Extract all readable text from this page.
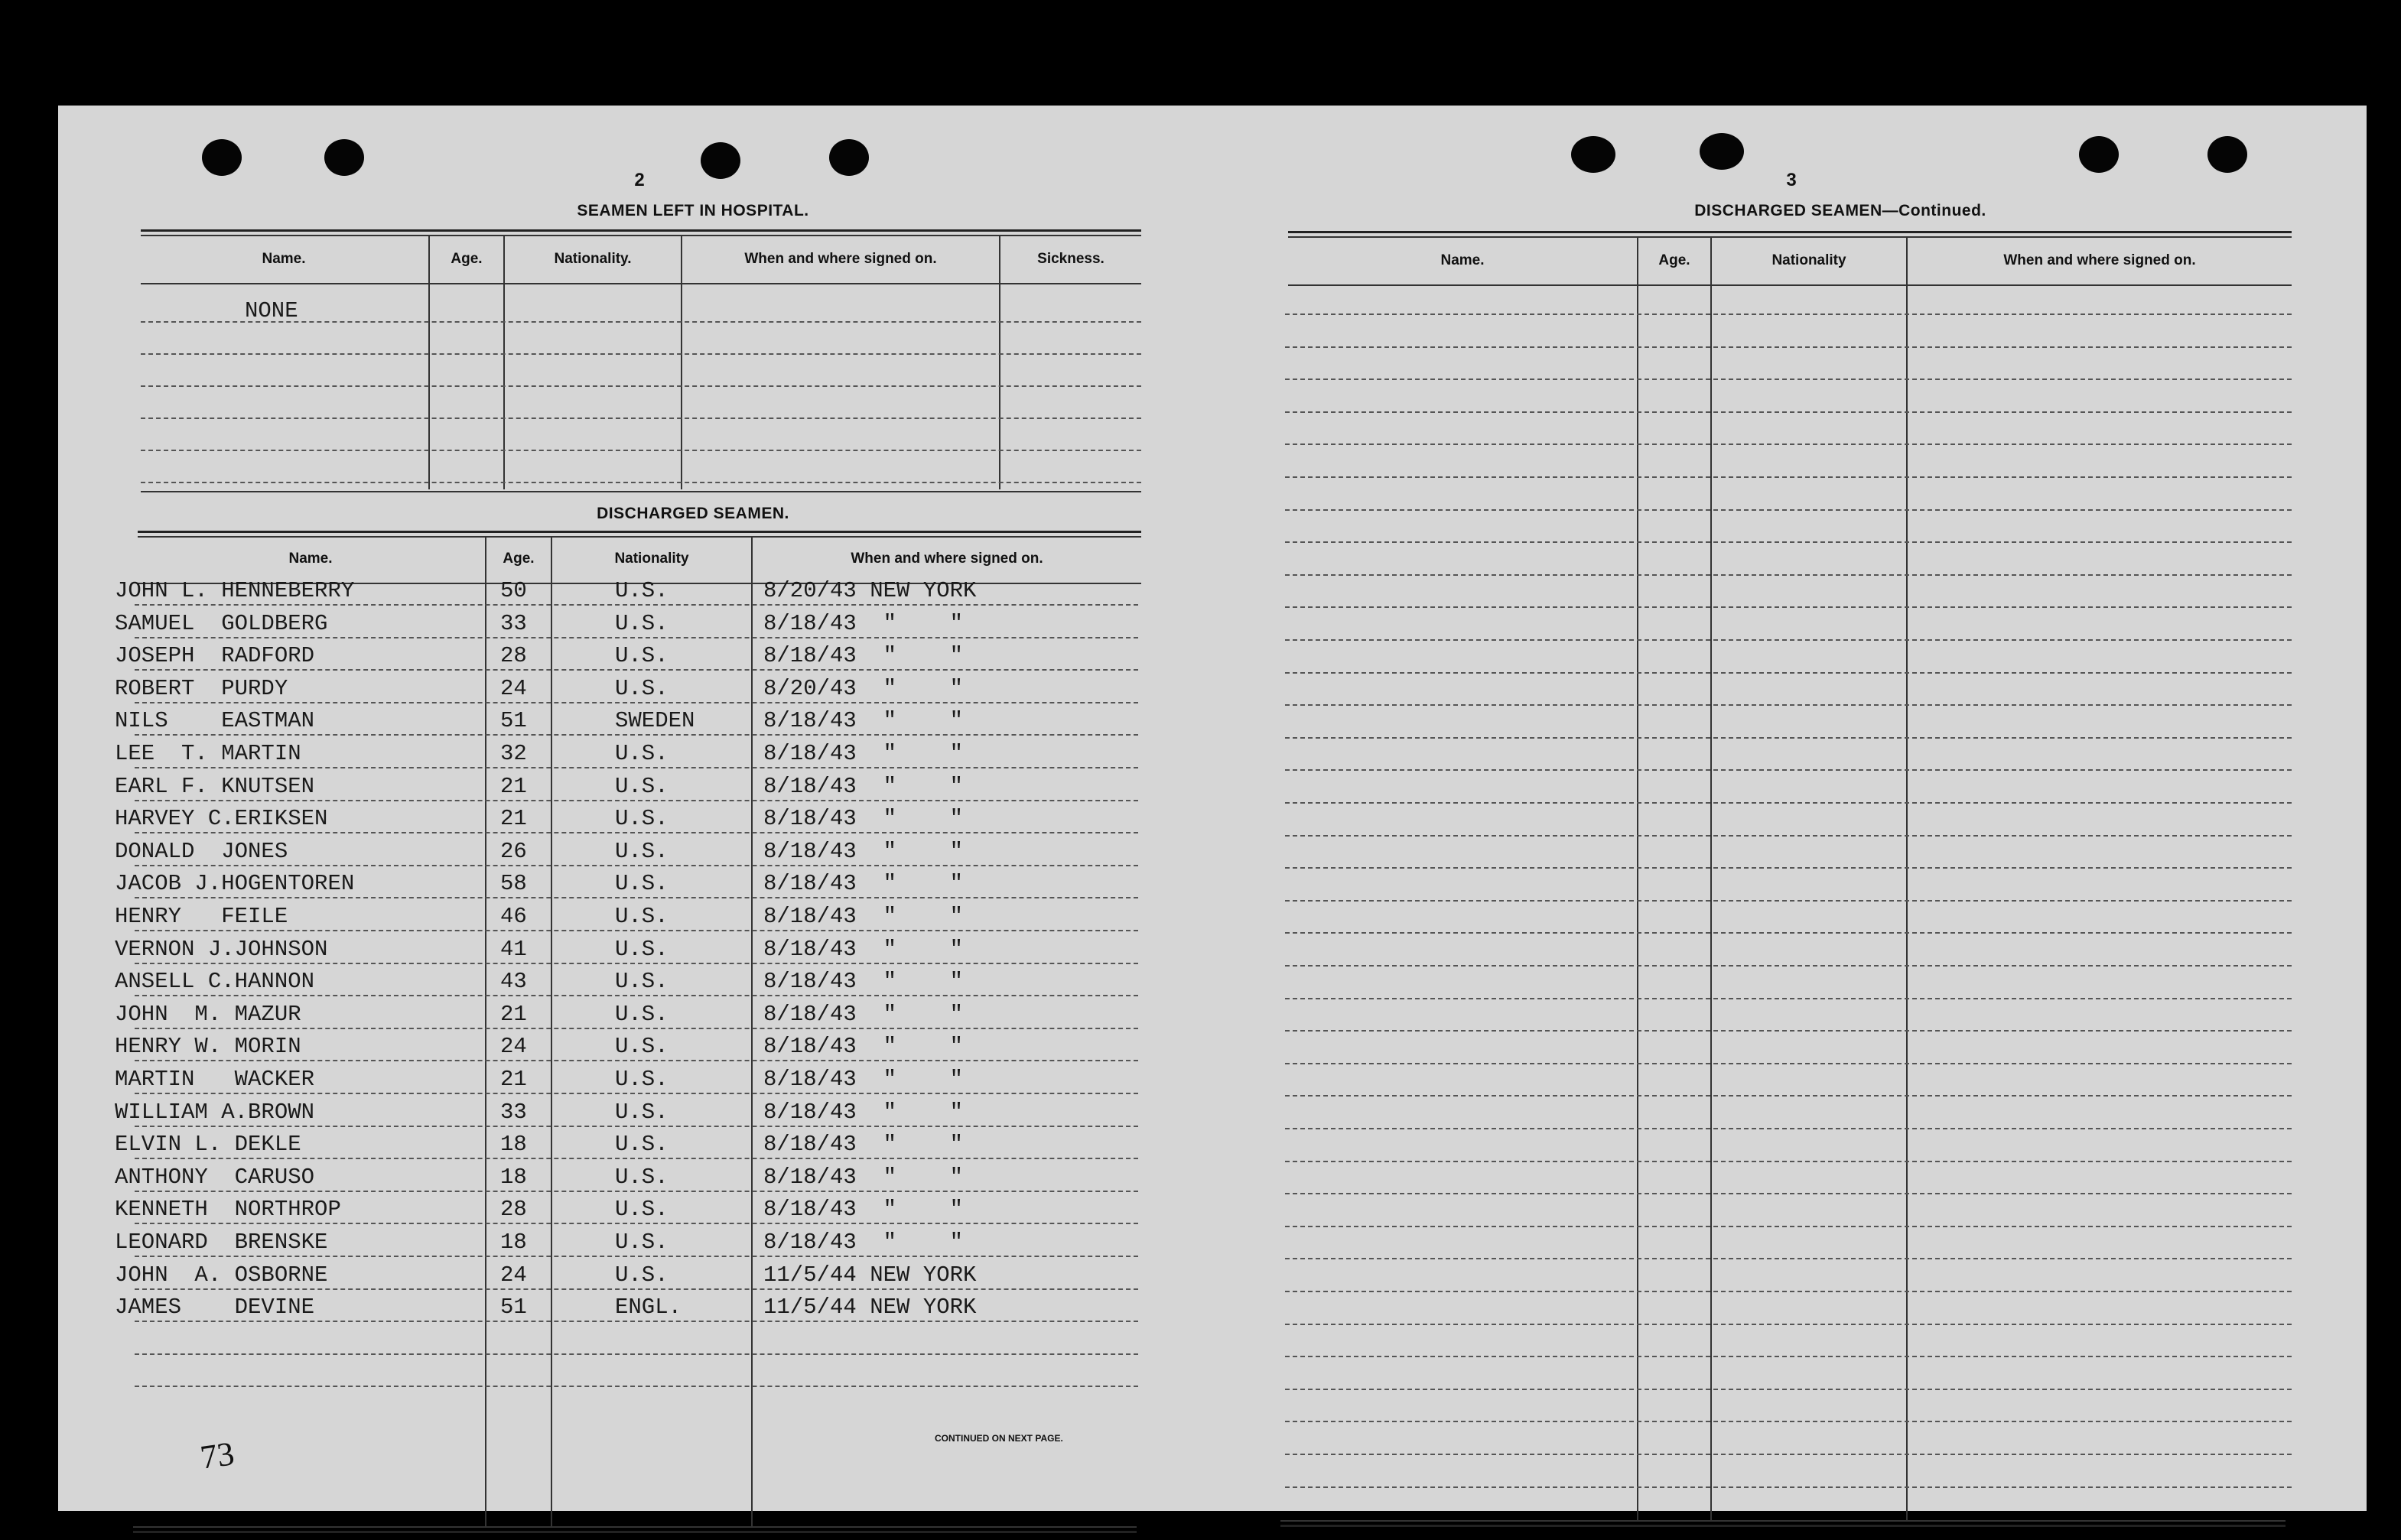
2
SEAMEN LEFT IN HOSPITAL.
Name.	Age.	Nationality.	When and where signed on.	Sickness.
NONE
DISCHARGED SEAMEN.
Name.	Age.	Nationality	When and where signed on.
JOHN L. HENNEBERRY	50	U.S.	8/20/43 NEW YORK
SAMUEL  GOLDBERG	33	U.S.	8/18/43  "    "
JOSEPH  RADFORD	28	U.S.	8/18/43  "    "
ROBERT  PURDY	24	U.S.	8/20/43  "    "
NILS    EASTMAN	51	SWEDEN	8/18/43  "    "
LEE  T. MARTIN	32	U.S.	8/18/43  "    "
EARL F. KNUTSEN	21	U.S.	8/18/43  "    "
HARVEY C.ERIKSEN	21	U.S.	8/18/43  "    "
DONALD  JONES	26	U.S.	8/18/43  "    "
JACOB J.HOGENTOREN	58	U.S.	8/18/43  "    "
HENRY   FEILE	46	U.S.	8/18/43  "    "
VERNON J.JOHNSON	41	U.S.	8/18/43  "    "
ANSELL C.HANNON	43	U.S.	8/18/43  "    "
JOHN  M. MAZUR	21	U.S.	8/18/43  "    "
HENRY W. MORIN	24	U.S.	8/18/43  "    "
MARTIN   WACKER	21	U.S.	8/18/43  "    "
WILLIAM A.BROWN	33	U.S.	8/18/43  "    "
ELVIN L. DEKLE	18	U.S.	8/18/43  "    "
ANTHONY  CARUSO	18	U.S.	8/18/43  "    "
KENNETH  NORTHROP	28	U.S.	8/18/43  "    "
LEONARD  BRENSKE	18	U.S.	8/18/43  "    "
JOHN  A. OSBORNE	24	U.S.	11/5/44 NEW YORK
JAMES    DEVINE	51	ENGL.	11/5/44 NEW YORK
CONTINUED ON NEXT PAGE.
73
3
DISCHARGED SEAMEN—Continued.
Name.	Age.	Nationality	When and where signed on.
